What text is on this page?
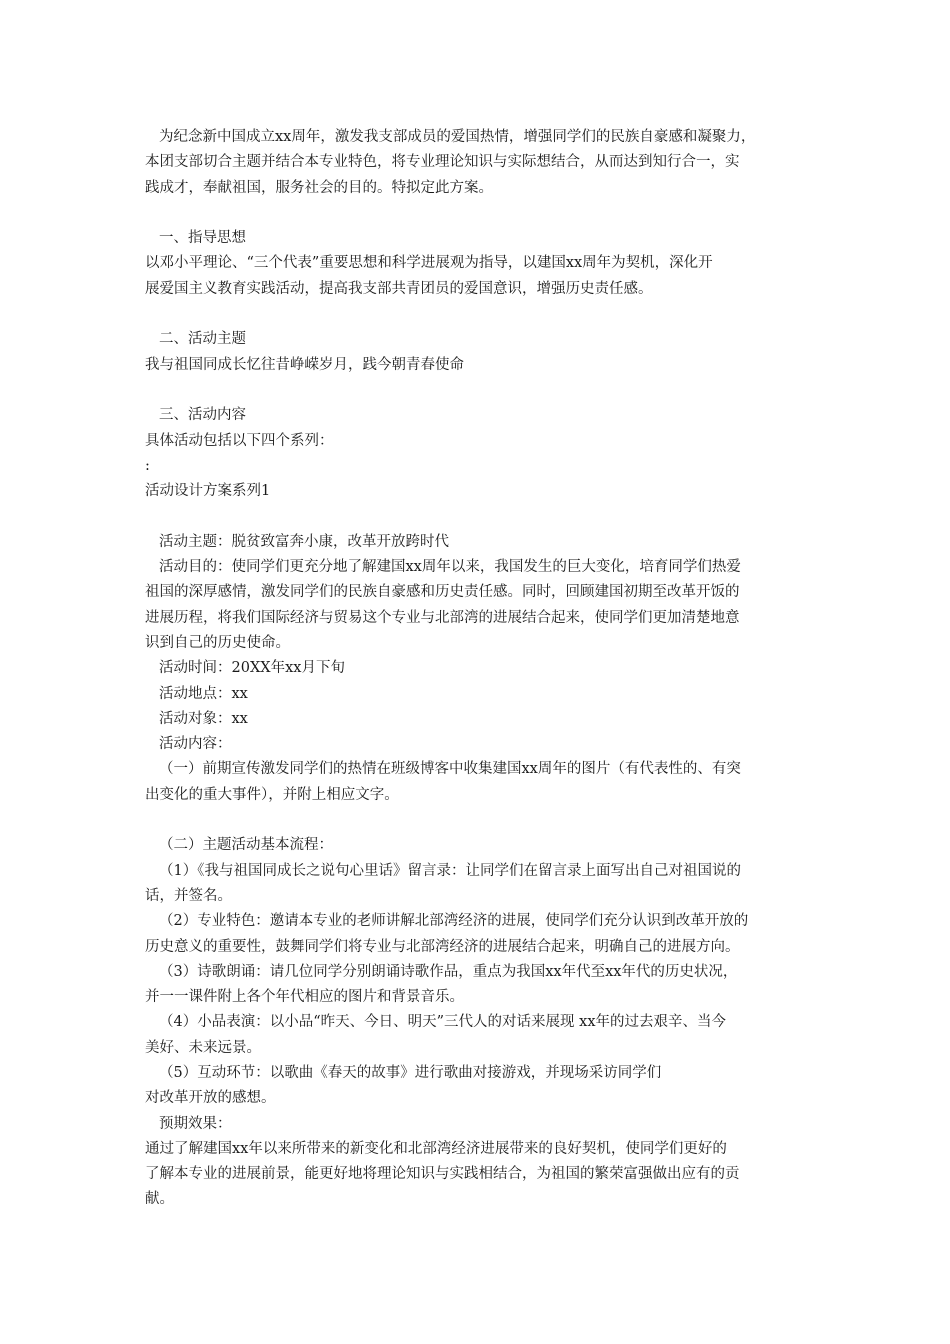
为纪念新中国成立xx周年，激发我支部成员的爱国热情，增强同学们的民族自豪感和凝聚力，
本团支部切合主题并结合本专业特色，将专业理论知识与实际想结合，从而达到知行合一，实
践成才，奉献祖国，服务社会的目的。特拟定此方案。
一、指导思想
以邓小平理论、“三个代表”重要思想和科学进展观为指导，以建国xx周年为契机，深化开
展爱国主义教育实践活动，提高我支部共青团员的爱国意识，增强历史责任感。
二、活动主题
我与祖国同成长忆往昔峥嵘岁月，践今朝青春使命
三、活动内容
具体活动包括以下四个系列：
:
活动设计方案系列1
活动主题：脱贫致富奔小康，改革开放跨时代
活动目的：使同学们更充分地了解建国xx周年以来，我国发生的巨大变化，培育同学们热爱
祖国的深厚感情，激发同学们的民族自豪感和历史责任感。同时，回顾建国初期至改革开饭的
进展历程，将我们国际经济与贸易这个专业与北部湾的进展结合起来，使同学们更加清楚地意
识到自己的历史使命。
活动时间：20XX年xx月下旬
活动地点：xx
活动对象：xx
活动内容：
（一）前期宣传激发同学们的热情在班级博客中收集建国xx周年的图片（有代表性的、有突
出变化的重大事件），并附上相应文字。
（二）主题活动基本流程：
（1）《我与祖国同成长之说句心里话》留言录：让同学们在留言录上面写出自己对祖国说的
话，并签名。
（2）专业特色：邀请本专业的老师讲解北部湾经济的进展，使同学们充分认识到改革开放的
历史意义的重要性，鼓舞同学们将专业与北部湾经济的进展结合起来，明确自己的进展方向。
（3）诗歌朗诵：请几位同学分别朗诵诗歌作品，重点为我国xx年代至xx年代的历史状况，
并一一课件附上各个年代相应的图片和背景音乐。
（4）小品表演：以小品“昨天、今日、明天”三代人的对话来展现 xx年的过去艰辛、当今
美好、未来远景。
（5）互动环节：以歌曲《春天的故事》进行歌曲对接游戏，并现场采访同学们
对改革开放的感想。
预期效果：
通过了解建国xx年以来所带来的新变化和北部湾经济进展带来的良好契机，使同学们更好的
了解本专业的进展前景，能更好地将理论知识与实践相结合，为祖国的繁荣富强做出应有的贡
献。
